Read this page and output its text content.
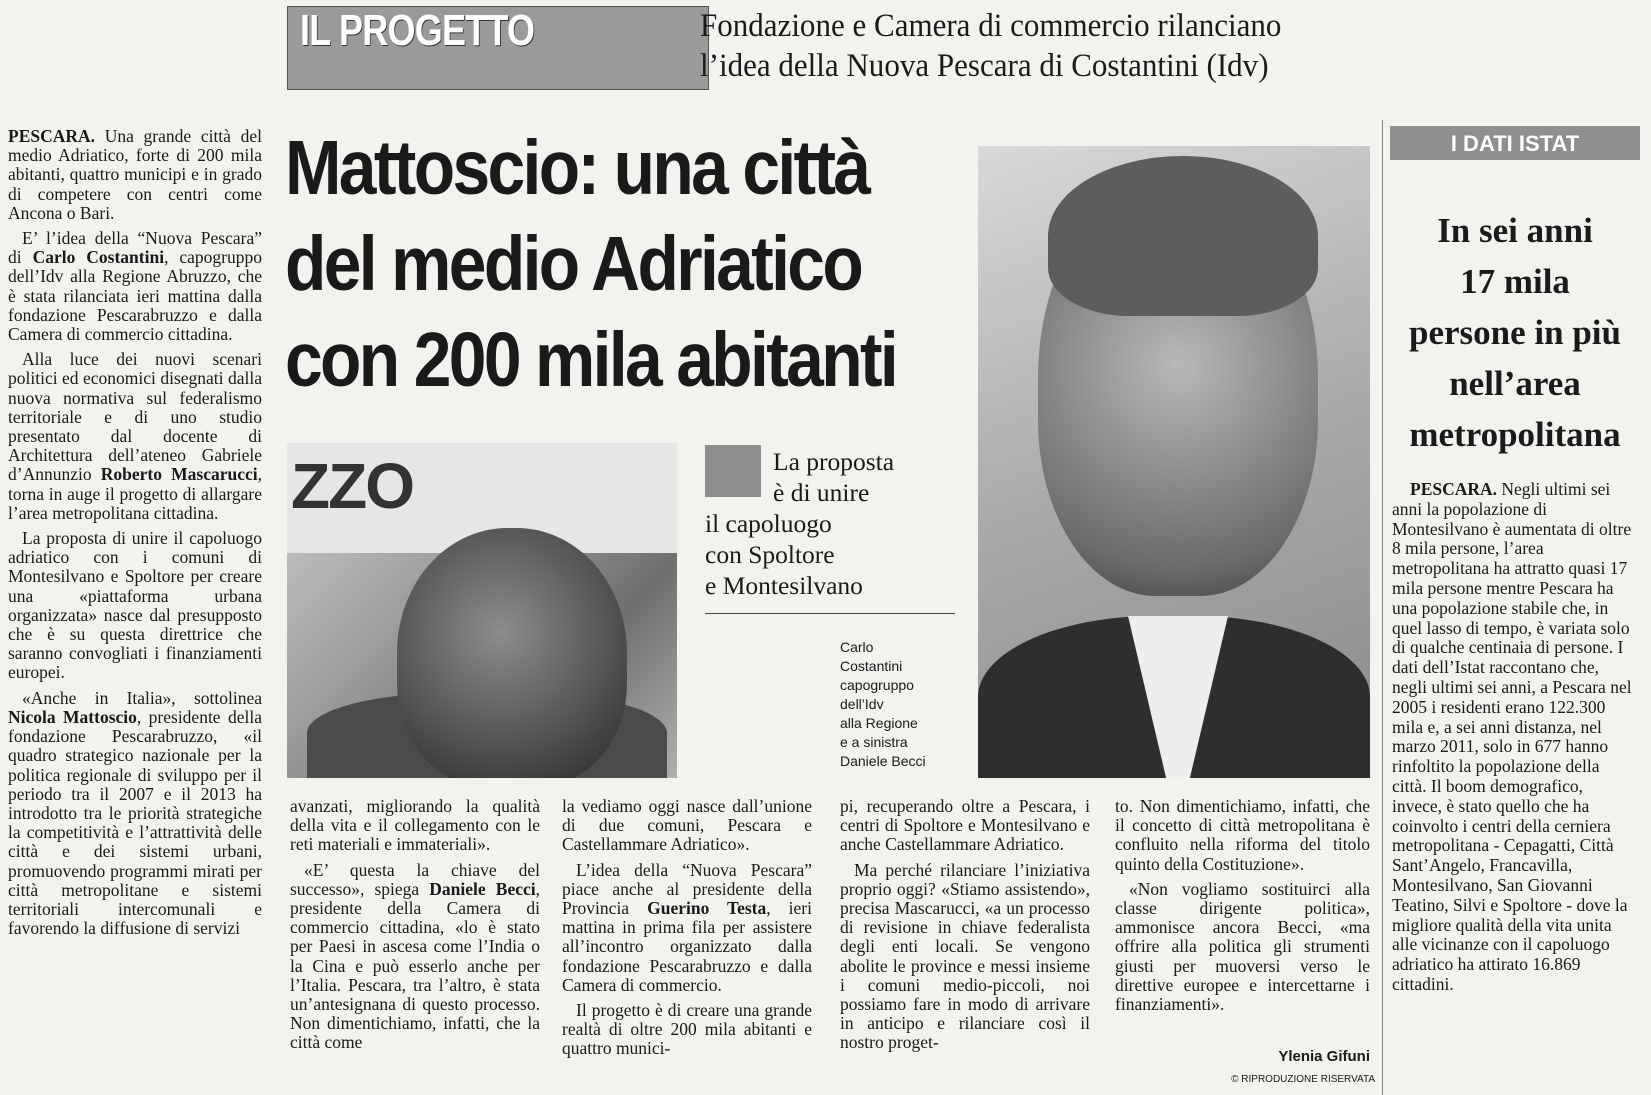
IL PROGETTO	Fondazione e Camera di commercio rilanciano
l’idea della Nuova Pescara di Costantini (Idv)
Mattoscio: una città
del medio Adriatico
con 200 mila abitanti

PESCARA. Una grande città del medio Adriatico, forte di 200 mila abitanti, quattro municipi e in grado di competere con centri come Ancona o Bari.

E’ l’idea della “Nuova Pescara” di Carlo Costantini, capogruppo dell’Idv alla Regione Abruzzo, che è stata rilanciata ieri mattina dalla fondazione Pescarabruzzo e dalla Camera di commercio cittadina.

Alla luce dei nuovi scenari politici ed economici disegnati dalla nuova normativa sul federalismo territoriale e di uno studio presentato dal docente di Architettura dell’ateneo Gabriele d’Annunzio Roberto Mascarucci, torna in auge il progetto di allargare l’area metropolitana cittadina.

La proposta di unire il capoluogo adriatico con i comuni di Montesilvano e Spoltore per creare una «piattaforma urbana organizzata» nasce dal presupposto che è su questa direttrice che saranno convogliati i finanziamenti europei.

«Anche in Italia», sottolinea Nicola Mattoscio, presidente della fondazione Pescarabruzzo, «il quadro strategico nazionale per la politica regionale di sviluppo per il periodo tra il 2007 e il 2013 ha introdotto tra le priorità strategiche la competitività e l’attrattività delle città e dei sistemi urbani, promuovendo programmi mirati per città metropolitane e sistemi territoriali intercomunali e favorendo la diffusione di servizi

ZZO	La proposta
è di unire
il capoluogo
con Spoltore
e Montesilvano
Carlo
Costantini
capogruppo
dell’Idv
alla Regione
e a sinistra
Daniele Becci

avanzati, migliorando la qualità della vita e il collegamento con le reti materiali e immateriali».

«E’ questa la chiave del successo», spiega Daniele Becci, presidente della Camera di commercio cittadina, «lo è stato per Paesi in ascesa come l’India o la Cina e può esserlo anche per l’Italia. Pescara, tra l’altro, è stata un’antesignana di questo processo. Non dimentichiamo, infatti, che la città come

la vediamo oggi nasce dall’unione di due comuni, Pescara e Castellammare Adriatico».

L’idea della “Nuova Pescara” piace anche al presidente della Provincia Guerino Testa, ieri mattina in prima fila per assistere all’incontro organizzato dalla fondazione Pescarabruzzo e dalla Camera di commercio.

Il progetto è di creare una grande realtà di oltre 200 mila abitanti e quattro munici-

pi, recuperando oltre a Pescara, i centri di Spoltore e Montesilvano e anche Castellammare Adriatico.

Ma perché rilanciare l’iniziativa proprio oggi? «Stiamo assistendo», precisa Mascarucci, «a un processo di revisione in chiave federalista degli enti locali. Se vengono abolite le province e messi insieme i comuni medio-piccoli, noi possiamo fare in modo di arrivare in anticipo e rilanciare così il nostro proget-

to. Non dimentichiamo, infatti, che il concetto di città metropolitana è confluito nella riforma del titolo quinto della Costituzione».

«Non vogliamo sostituirci alla classe dirigente politica», ammonisce ancora Becci, «ma offrire alla politica gli strumenti giusti per muoversi verso le direttive europee e intercettarne i finanziamenti».

Ylenia Gifuni
© RIPRODUZIONE RISERVATA
I DATI ISTAT
In sei anni
17 mila
persone in più
nell’area
metropolitana

PESCARA. Negli ultimi sei anni la popolazione di Montesilvano è aumentata di oltre 8 mila persone, l’area metropolitana ha attratto quasi 17 mila persone mentre Pescara ha una popolazione stabile che, in quel lasso di tempo, è variata solo di qualche centinaia di persone. I dati dell’Istat raccontano che, negli ultimi sei anni, a Pescara nel 2005 i residenti erano 122.300 mila e, a sei anni distanza, nel marzo 2011, solo in 677 hanno rinfoltito la popolazione della città. Il boom demografico, invece, è stato quello che ha coinvolto i centri della cerniera metropolitana - Cepagatti, Città Sant’Angelo, Francavilla, Montesilvano, San Giovanni Teatino, Silvi e Spoltore - dove la migliore qualità della vita unita alle vicinanze con il capoluogo adriatico ha attirato 16.869 cittadini.
